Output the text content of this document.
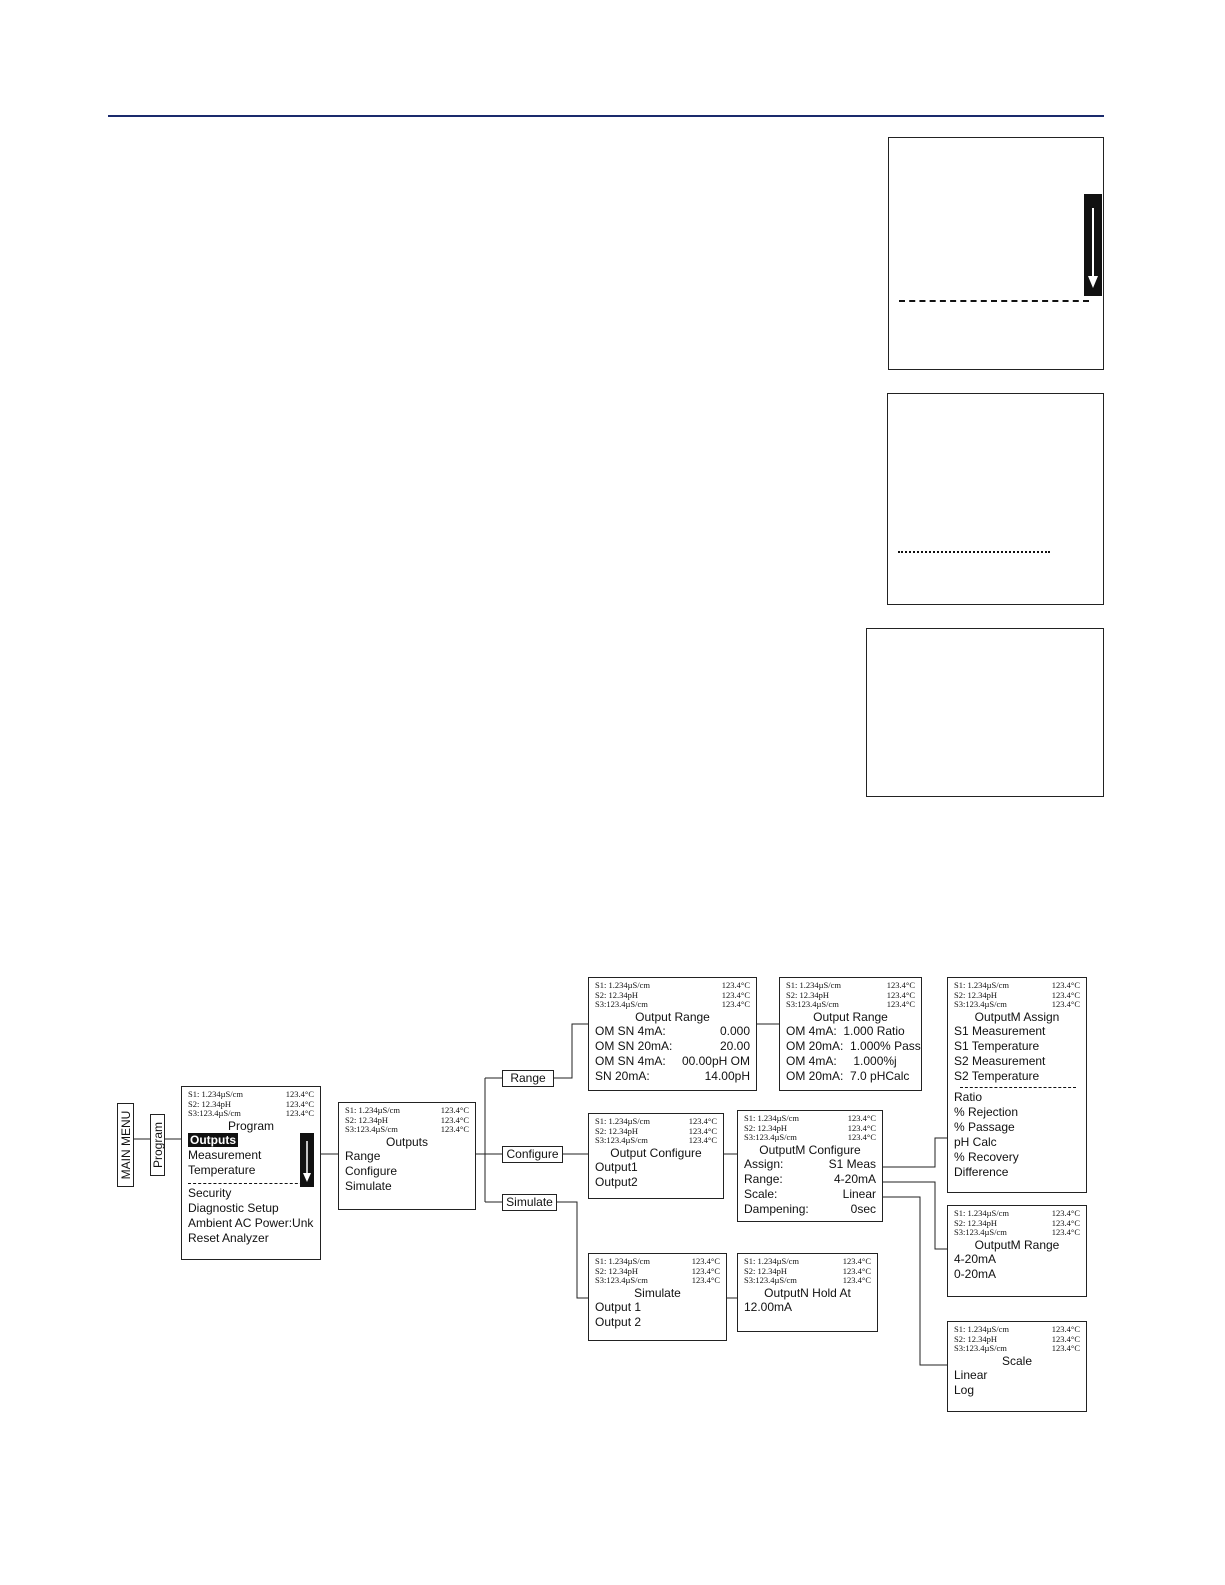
MAIN MENU Program
S1: 1.234µS/cm	123.4°C
S2: 12.34pH	123.4°C
S3:123.4µS/cm	123.4°C
Program
Outputs
Measurement
Temperature
Security
Diagnostic Setup
Ambient AC Power:Unk
Reset Analyzer
S1: 1.234µS/cm	123.4°C
S2: 12.34pH	123.4°C
S3:123.4µS/cm	123.4°C
Outputs
Range
Configure
Simulate
Range
Configure
Simulate
S1: 1.234µS/cm	123.4°C
S2: 12.34pH	123.4°C
S3:123.4µS/cm	123.4°C
Output Range
OM SN 4mA:	0.000
OM SN 20mA:	20.00
OM SN 4mA: 00.00pH OM
SN 20mA:	14.00pH
S1: 1.234µS/cm	123.4°C
S2: 12.34pH	123.4°C
S3:123.4µS/cm	123.4°C
Output Range
OM 4mA: 1.000 Ratio
OM 20mA: 1.000% Pass
OM 4mA: 1.000%j
OM 20mA: 7.0 pHCalc
S1: 1.234µS/cm	123.4°C
S2: 12.34pH	123.4°C
S3:123.4µS/cm	123.4°C
Output Configure
Output1
Output2
S1: 1.234µS/cm	123.4°C
S2: 12.34pH	123.4°C
S3:123.4µS/cm	123.4°C
OutputM Configure
Assign:	S1 Meas
Range:	4-20mA
Scale:	Linear
Dampening:	0sec
S1: 1.234µS/cm	123.4°C
S2: 12.34pH	123.4°C
S3:123.4µS/cm	123.4°C
OutputM Assign
S1 Measurement
S1 Temperature
S2 Measurement
S2 Temperature
Ratio
% Rejection
% Passage
pH Calc
% Recovery
Difference
S1: 1.234µS/cm	123.4°C
S2: 12.34pH	123.4°C
S3:123.4µS/cm	123.4°C
OutputM Range
4-20mA
0-20mA
S1: 1.234µS/cm	123.4°C
S2: 12.34pH	123.4°C
S3:123.4µS/cm	123.4°C
Scale
Linear
Log
S1: 1.234µS/cm	123.4°C
S2: 12.34pH	123.4°C
S3:123.4µS/cm	123.4°C
Simulate
Output 1
Output 2
S1: 1.234µS/cm	123.4°C
S2: 12.34pH	123.4°C
S3:123.4µS/cm	123.4°C
OutputN Hold At
12.00mA
